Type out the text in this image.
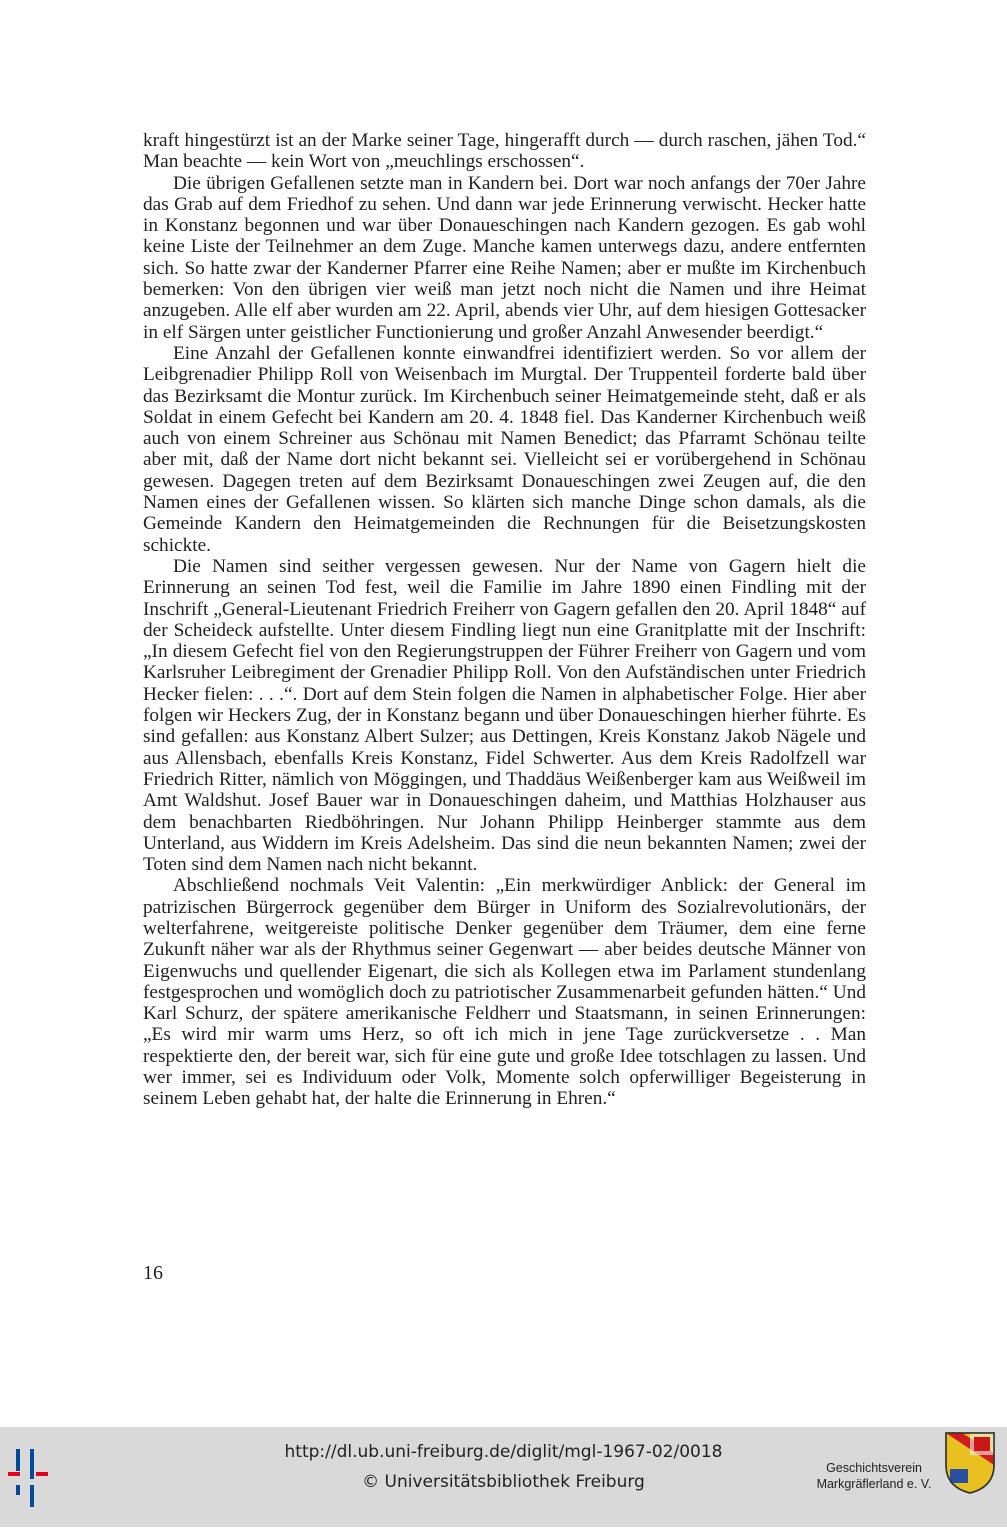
kraft hingestürzt ist an der Marke seiner Tage, hingerafft durch — durch raschen, jähen Tod.“ Man beachte — kein Wort von „meuchlings erschossen“.

Die übrigen Gefallenen setzte man in Kandern bei. Dort war noch anfangs der 70er Jahre das Grab auf dem Friedhof zu sehen. Und dann war jede Erinnerung verwischt. Hecker hatte in Konstanz begonnen und war über Donaueschingen nach Kandern gezogen. Es gab wohl keine Liste der Teilnehmer an dem Zuge. Manche kamen unterwegs dazu, andere entfernten sich. So hatte zwar der Kanderner Pfarrer eine Reihe Namen; aber er mußte im Kirchenbuch bemerken: Von den übrigen vier weiß man jetzt noch nicht die Namen und ihre Heimat anzugeben. Alle elf aber wurden am 22. April, abends vier Uhr, auf dem hiesigen Gottesacker in elf Särgen unter geistlicher Functionierung und großer Anzahl Anwesender beerdigt.“

Eine Anzahl der Gefallenen konnte einwandfrei identifiziert werden. So vor allem der Leibgrenadier Philipp Roll von Weisenbach im Murgtal. Der Truppenteil forderte bald über das Bezirksamt die Montur zurück. Im Kirchenbuch seiner Heimatgemeinde steht, daß er als Soldat in einem Gefecht bei Kandern am 20. 4. 1848 fiel. Das Kanderner Kirchenbuch weiß auch von einem Schreiner aus Schönau mit Namen Benedict; das Pfarramt Schönau teilte aber mit, daß der Name dort nicht bekannt sei. Vielleicht sei er vorübergehend in Schönau gewesen. Dagegen treten auf dem Bezirksamt Donaueschingen zwei Zeugen auf, die den Namen eines der Gefallenen wissen. So klärten sich manche Dinge schon damals, als die Gemeinde Kandern den Heimatgemeinden die Rechnungen für die Beisetzungskosten schickte.

Die Namen sind seither vergessen gewesen. Nur der Name von Gagern hielt die Erinnerung an seinen Tod fest, weil die Familie im Jahre 1890 einen Findling mit der Inschrift „General-Lieutenant Friedrich Freiherr von Gagern gefallen den 20. April 1848“ auf der Scheideck aufstellte. Unter diesem Findling liegt nun eine Granitplatte mit der Inschrift: „In diesem Gefecht fiel von den Regierungstruppen der Führer Freiherr von Gagern und vom Karlsruher Leibregiment der Grenadier Philipp Roll. Von den Aufständischen unter Friedrich Hecker fielen: . . .“. Dort auf dem Stein folgen die Namen in alphabetischer Folge. Hier aber folgen wir Heckers Zug, der in Konstanz begann und über Donaueschingen hierher führte. Es sind gefallen: aus Konstanz Albert Sulzer; aus Dettingen, Kreis Konstanz Jakob Nägele und aus Allensbach, ebenfalls Kreis Konstanz, Fidel Schwerter. Aus dem Kreis Radolfzell war Friedrich Ritter, nämlich von Möggingen, und Thaddäus Weißenberger kam aus Weißweil im Amt Waldshut. Josef Bauer war in Donaueschingen daheim, und Matthias Holzhauser aus dem benachbarten Riedböhringen. Nur Johann Philipp Heinberger stammte aus dem Unterland, aus Widdern im Kreis Adelsheim. Das sind die neun bekannten Namen; zwei der Toten sind dem Namen nach nicht bekannt.

Abschließend nochmals Veit Valentin: „Ein merkwürdiger Anblick: der General im patrizischen Bürgerrock gegenüber dem Bürger in Uniform des Sozialrevolutionärs, der welterfahrene, weitgereiste politische Denker gegenüber dem Träumer, dem eine ferne Zukunft näher war als der Rhythmus seiner Gegenwart — aber beides deutsche Männer von Eigenwuchs und quellender Eigenart, die sich als Kollegen etwa im Parlament stundenlang festgesprochen und womöglich doch zu patriotischer Zusammenarbeit gefunden hätten.“ Und Karl Schurz, der spätere amerikanische Feldherr und Staatsmann, in seinen Erinnerungen: „Es wird mir warm ums Herz, so oft ich mich in jene Tage zurückversetze . . Man respektierte den, der bereit war, sich für eine gute und große Idee totschlagen zu lassen. Und wer immer, sei es Individuum oder Volk, Momente solch opferwilliger Begeisterung in seinem Leben gehabt hat, der halte die Erinnerung in Ehren.“

16
http://dl.ub.uni-freiburg.de/diglit/mgl-1967-02/0018
© Universitätsbibliothek Freiburg
Geschichtsverein
Markgräflerland e. V.
